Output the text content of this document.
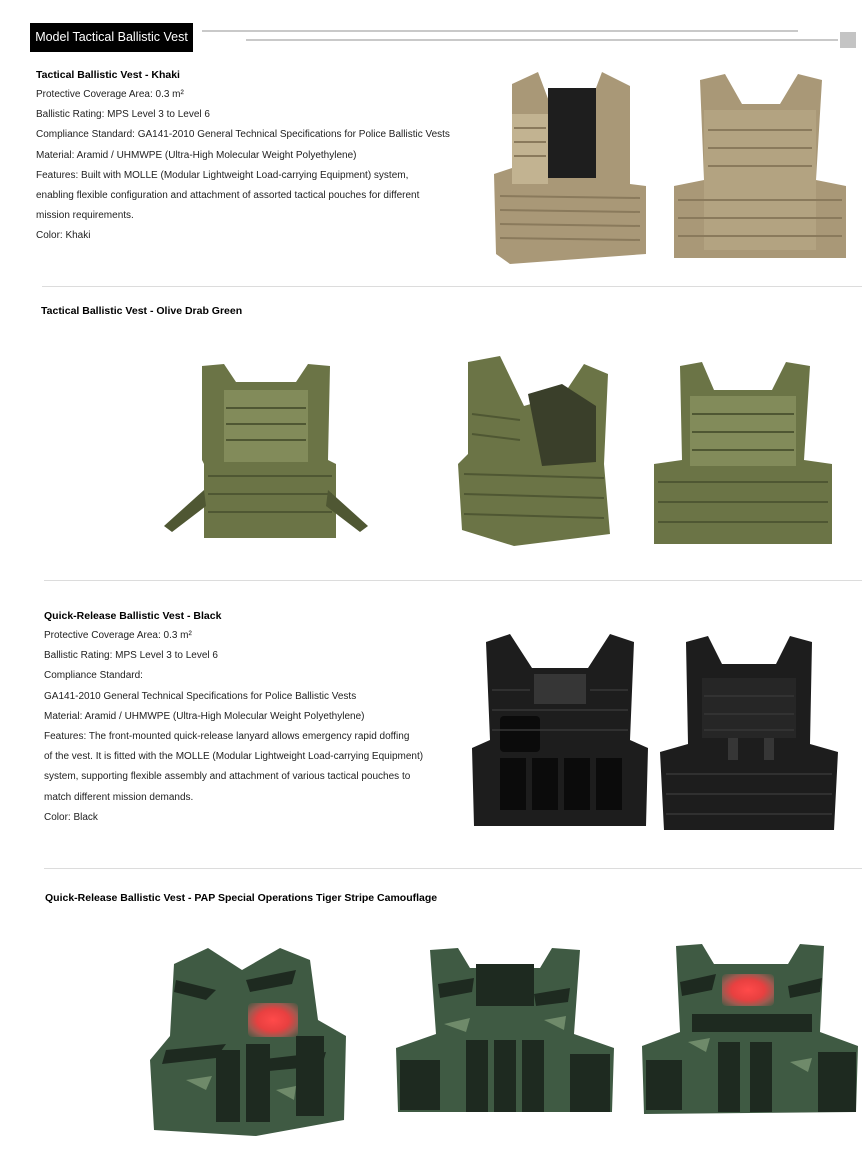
Model Tactical Ballistic Vest
Tactical Ballistic Vest - Khaki
Protective Coverage Area: 0.3 m²
Ballistic Rating: MPS Level 3 to Level 6
Compliance Standard: GA141-2010 General Technical Specifications for Police Ballistic Vests
Material: Aramid / UHMWPE (Ultra-High Molecular Weight Polyethylene)
Features: Built with MOLLE (Modular Lightweight Load-carrying Equipment) system,
enabling flexible configuration and attachment of assorted tactical pouches for different
mission requirements.
Color: Khaki
Tactical Ballistic Vest - Olive Drab Green
Quick-Release Ballistic Vest - Black
Protective Coverage Area: 0.3 m²
Ballistic Rating: MPS Level 3 to Level 6
Compliance Standard:
GA141-2010 General Technical Specifications for Police Ballistic Vests
Material: Aramid / UHMWPE (Ultra-High Molecular Weight Polyethylene)
Features: The front-mounted quick-release lanyard allows emergency rapid doffing
of the vest. It is fitted with the MOLLE (Modular Lightweight Load-carrying Equipment)
system, supporting flexible assembly and attachment of various tactical pouches to
match different mission demands.
Color: Black
Quick-Release Ballistic Vest - PAP Special Operations Tiger Stripe Camouflage
